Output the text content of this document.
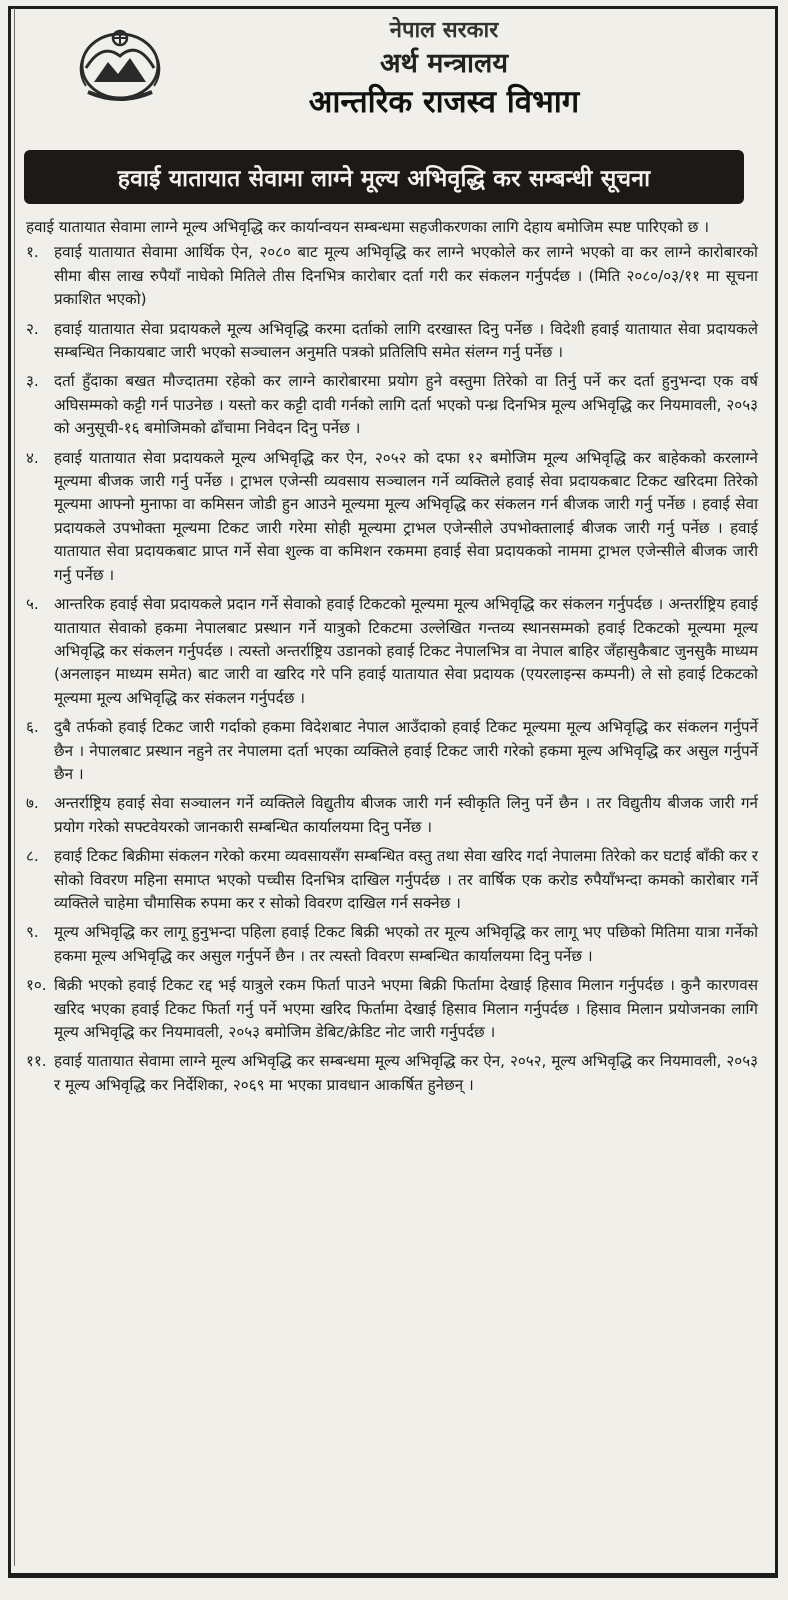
नेपाल सरकार
अर्थ मन्त्रालय
आन्तरिक राजस्व विभाग
हवाई यातायात सेवामा लाग्ने मूल्य अभिवृद्धि कर सम्बन्धी सूचना

हवाई यातायात सेवामा लाग्ने मूल्य अभिवृद्धि कर कार्यान्वयन सम्बन्धमा सहजीकरणका लागि देहाय बमोजिम स्पष्ट पारिएको छ ।

१.	हवाई यातायात सेवामा आर्थिक ऐन, २०८० बाट मूल्य अभिवृद्धि कर लाग्ने भएकोले कर लाग्ने भएको वा कर लाग्ने कारोबारको सीमा बीस लाख रुपैयाँ नाघेको मितिले तीस दिनभित्र कारोबार दर्ता गरी कर संकलन गर्नुपर्दछ । (मिति २०८०/०३/११ मा सूचना प्रकाशित भएको)
२.	हवाई यातायात सेवा प्रदायकले मूल्य अभिवृद्धि करमा दर्ताको लागि दरखास्त दिनु पर्नेछ । विदेशी हवाई यातायात सेवा प्रदायकले सम्बन्धित निकायबाट जारी भएको सञ्चालन अनुमति पत्रको प्रतिलिपि समेत संलग्न गर्नु पर्नेछ ।
३.	दर्ता हुँदाका बखत मौज्दातमा रहेको कर लाग्ने कारोबारमा प्रयोग हुने वस्तुमा तिरेको वा तिर्नु पर्ने कर दर्ता हुनुभन्दा एक वर्ष अघिसम्मको कट्टी गर्न पाउनेछ । यस्तो कर कट्टी दावी गर्नको लागि दर्ता भएको पन्ध्र दिनभित्र मूल्य अभिवृद्धि कर नियमावली, २०५३ को अनुसूची-१६ बमोजिमको ढाँचामा निवेदन दिनु पर्नेछ ।
४.	हवाई यातायात सेवा प्रदायकले मूल्य अभिवृद्धि कर ऐन, २०५२ को दफा १२ बमोजिम मूल्य अभिवृद्धि कर बाहेकको करलाग्ने मूल्यमा बीजक जारी गर्नु पर्नेछ । ट्राभल एजेन्सी व्यवसाय सञ्चालन गर्ने व्यक्तिले हवाई सेवा प्रदायकबाट टिकट खरिदमा तिरेको मूल्यमा आफ्नो मुनाफा वा कमिसन जोडी हुन आउने मूल्यमा मूल्य अभिवृद्धि कर संकलन गर्न बीजक जारी गर्नु पर्नेछ । हवाई सेवा प्रदायकले उपभोक्ता मूल्यमा टिकट जारी गरेमा सोही मूल्यमा ट्राभल एजेन्सीले उपभोक्तालाई बीजक जारी गर्नु पर्नेछ । हवाई यातायात सेवा प्रदायकबाट प्राप्त गर्ने सेवा शुल्क वा कमिशन रकममा हवाई सेवा प्रदायकको नाममा ट्राभल एजेन्सीले बीजक जारी गर्नु पर्नेछ ।
५.	आन्तरिक हवाई सेवा प्रदायकले प्रदान गर्ने सेवाको हवाई टिकटको मूल्यमा मूल्य अभिवृद्धि कर संकलन गर्नुपर्दछ । अन्तर्राष्ट्रिय हवाई यातायात सेवाको हकमा नेपालबाट प्रस्थान गर्ने यात्रुको टिकटमा उल्लेखित गन्तव्य स्थानसम्मको हवाई टिकटको मूल्यमा मूल्य अभिवृद्धि कर संकलन गर्नुपर्दछ । त्यस्तो अन्तर्राष्ट्रिय उडानको हवाई टिकट नेपालभित्र वा नेपाल बाहिर जँहासुकैबाट जुनसुकै माध्यम (अनलाइन माध्यम समेत) बाट जारी वा खरिद गरे पनि हवाई यातायात सेवा प्रदायक (एयरलाइन्स कम्पनी) ले सो हवाई टिकटको मूल्यमा मूल्य अभिवृद्धि कर संकलन गर्नुपर्दछ ।
६.	दुबै तर्फको हवाई टिकट जारी गर्दाको हकमा विदेशबाट नेपाल आउँदाको हवाई टिकट मूल्यमा मूल्य अभिवृद्धि कर संकलन गर्नुपर्ने छैन । नेपालबाट प्रस्थान नहुने तर नेपालमा दर्ता भएका व्यक्तिले हवाई टिकट जारी गरेको हकमा मूल्य अभिवृद्धि कर असुल गर्नुपर्ने छैन ।
७.	अन्तर्राष्ट्रिय हवाई सेवा सञ्चालन गर्ने व्यक्तिले विद्युतीय बीजक जारी गर्न स्वीकृति लिनु पर्ने छैन । तर विद्युतीय बीजक जारी गर्न प्रयोग गरेको सफ्टवेयरको जानकारी सम्बन्धित कार्यालयमा दिनु पर्नेछ ।
८.	हवाई टिकट बिक्रीमा संकलन गरेको करमा व्यवसायसँग सम्बन्धित वस्तु तथा सेवा खरिद गर्दा नेपालमा तिरेको कर घटाई बाँकी कर र सोको विवरण महिना समाप्त भएको पच्चीस दिनभित्र दाखिल गर्नुपर्दछ । तर वार्षिक एक करोड रुपैयाँभन्दा कमको कारोबार गर्ने व्यक्तिले चाहेमा चौमासिक रुपमा कर र सोको विवरण दाखिल गर्न सक्नेछ ।
९.	मूल्य अभिवृद्धि कर लागू हुनुभन्दा पहिला हवाई टिकट बिक्री भएको तर मूल्य अभिवृद्धि कर लागू भए पछिको मितिमा यात्रा गर्नेको हकमा मूल्य अभिवृद्धि कर असुल गर्नुपर्ने छैन । तर त्यस्तो विवरण सम्बन्धित कार्यालयमा दिनु पर्नेछ ।
१०. बिक्री भएको हवाई टिकट रद्द भई यात्रुले रकम फिर्ता पाउने भएमा बिक्री फिर्तामा देखाई हिसाव मिलान गर्नुपर्दछ । कुनै कारणवस खरिद भएका हवाई टिकट फिर्ता गर्नु पर्ने भएमा खरिद फिर्तामा देखाई हिसाव मिलान गर्नुपर्दछ । हिसाव मिलान प्रयोजनका लागि मूल्य अभिवृद्धि कर नियमावली, २०५३ बमोजिम डेबिट/क्रेडिट नोट जारी गर्नुपर्दछ ।
११. हवाई यातायात सेवामा लाग्ने मूल्य अभिवृद्धि कर सम्बन्धमा मूल्य अभिवृद्धि कर ऐन, २०५२, मूल्य अभिवृद्धि कर नियमावली, २०५३ र मूल्य अभिवृद्धि कर निर्देशिका, २०६९ मा भएका प्रावधान आकर्षित हुनेछन् ।
